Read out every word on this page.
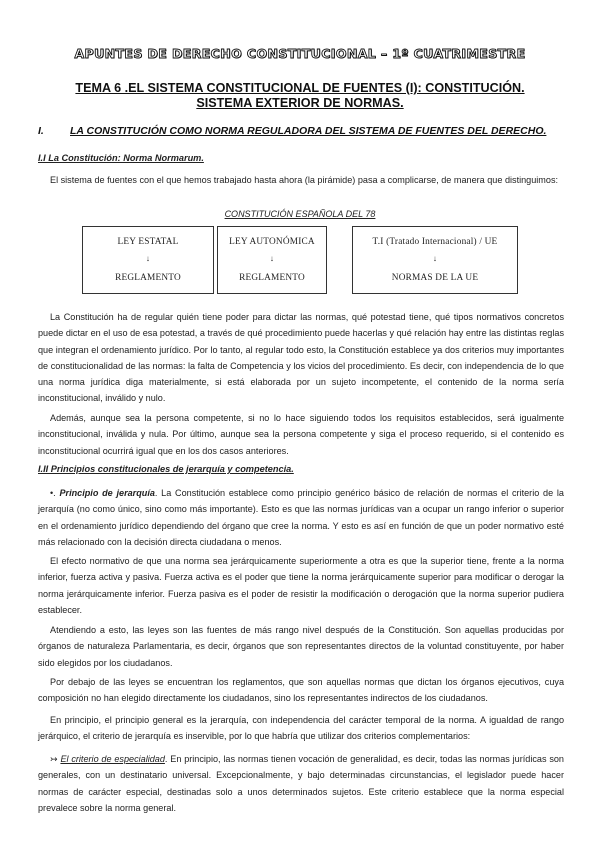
APUNTES DE DERECHO CONSTITUCIONAL – 1º CUATRIMESTRE
TEMA 6 .EL SISTEMA CONSTITUCIONAL DE FUENTES (I): CONSTITUCIÓN.
SISTEMA EXTERIOR DE NORMAS.
I. LA CONSTITUCIÓN COMO NORMA REGULADORA DEL SISTEMA DE FUENTES DEL DERECHO.
I.I La Constitución: Norma Normarum.
El sistema de fuentes con el que hemos trabajado hasta ahora (la pirámide) pasa a complicarse, de manera que distinguimos:
CONSTITUCIÓN ESPAÑOLA DEL 78
LEY ESTATAL
↓
REGLAMENTO
LEY AUTONÓMICA
↓
REGLAMENTO
T.I (Tratado Internacional) / UE
↓
NORMAS DE LA UE
La Constitución ha de regular quién tiene poder para dictar las normas, qué potestad tiene, qué tipos normativos concretos puede dictar en el uso de esa potestad, a través de qué procedimiento puede hacerlas y qué relación hay entre las distintas reglas que integran el ordenamiento jurídico. Por lo tanto, al regular todo esto, la Constitución establece ya dos criterios muy importantes de constitucionalidad de las normas: la falta de Competencia y los vicios del procedimiento. Es decir, con independencia de lo que una norma jurídica diga materialmente, si está elaborada por un sujeto incompetente, el contenido de la norma sería inconstitucional, inválido y nulo.
Además, aunque sea la persona competente, si no lo hace siguiendo todos los requisitos establecidos, será igualmente inconstitucional, inválida y nula. Por último, aunque sea la persona competente y siga el proceso requerido, si el contenido es inconstitucional ocurrirá igual que en los dos casos anteriores.
I.II Principios constitucionales de jerarquía y competencia.
•. Principio de jerarquía. La Constitución establece como principio genérico básico de relación de normas el criterio de la jerarquía (no como único, sino como más importante). Esto es que las normas jurídicas van a ocupar un rango inferior o superior en el ordenamiento jurídico dependiendo del órgano que cree la norma. Y esto es así en función de que un poder normativo esté más relacionado con la decisión directa ciudadana o menos.
El efecto normativo de que una norma sea jerárquicamente superiormente a otra es que la superior tiene, frente a la norma inferior, fuerza activa y pasiva. Fuerza activa es el poder que tiene la norma jerárquicamente superior para modificar o derogar la norma jerárquicamente inferior. Fuerza pasiva es el poder de resistir la modificación o derogación que la norma superior pudiera establecer.
Atendiendo a esto, las leyes son las fuentes de más rango nivel después de la Constitución. Son aquellas producidas por órganos de naturaleza Parlamentaria, es decir, órganos que son representantes directos de la voluntad constituyente, por haber sido elegidos por los ciudadanos.
Por debajo de las leyes se encuentran los reglamentos, que son aquellas normas que dictan los órganos ejecutivos, cuya composición no han elegido directamente los ciudadanos, sino los representantes indirectos de los ciudadanos.
En principio, el principio general es la jerarquía, con independencia del carácter temporal de la norma. A igualdad de rango jerárquico, el criterio de jerarquía es inservible, por lo que habría que utilizar dos criterios complementarios:
↣ El criterio de especialidad. En principio, las normas tienen vocación de generalidad, es decir, todas las normas jurídicas son generales, con un destinatario universal. Excepcionalmente, y bajo determinadas circunstancias, el legislador puede hacer normas de carácter especial, destinadas solo a unos determinados sujetos. Este criterio establece que la norma especial prevalece sobre la norma general.
